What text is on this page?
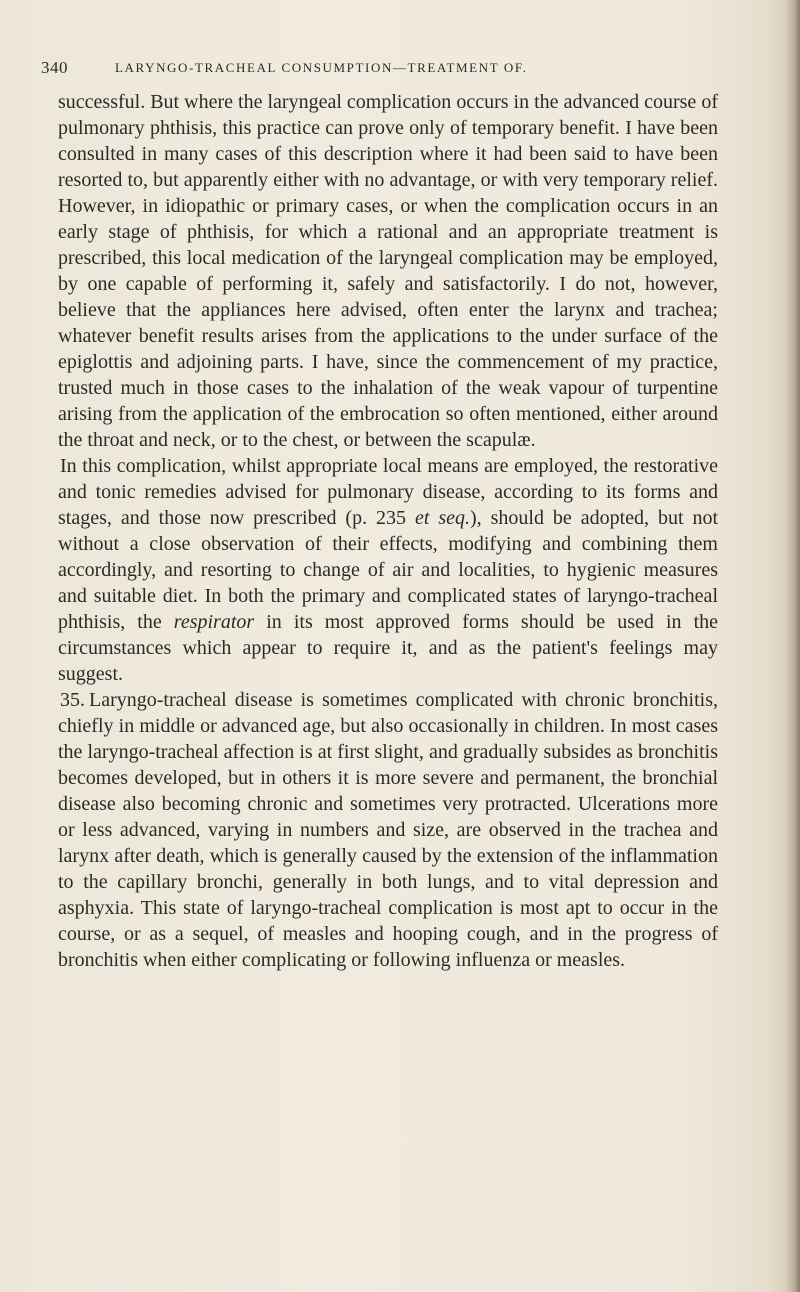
340	LARYNGO-TRACHEAL CONSUMPTION—TREATMENT OF.

successful. But where the laryngeal complication occurs in the advanced course of pulmonary phthisis, this practice can prove only of temporary benefit. I have been consulted in many cases of this description where it had been said to have been resorted to, but apparently either with no advantage, or with very temporary relief. However, in idiopathic or primary cases, or when the complication occurs in an early stage of phthisis, for which a rational and an appropriate treatment is prescribed, this local medication of the laryngeal complication may be employed, by one capable of performing it, safely and satisfactorily. I do not, however, believe that the appliances here advised, often enter the larynx and trachea; whatever benefit results arises from the applications to the under surface of the epiglottis and adjoining parts. I have, since the commencement of my practice, trusted much in those cases to the inhalation of the weak vapour of turpentine arising from the application of the embrocation so often mentioned, either around the throat and neck, or to the chest, or between the scapulæ.

In this complication, whilst appropriate local means are employed, the restorative and tonic remedies advised for pulmonary disease, according to its forms and stages, and those now prescribed (p. 235 et seq.), should be adopted, but not without a close observation of their effects, modifying and combining them accordingly, and resorting to change of air and localities, to hygienic measures and suitable diet. In both the primary and complicated states of laryngo-tracheal phthisis, the respirator in its most approved forms should be used in the circumstances which appear to require it, and as the patient's feelings may suggest.

35. Laryngo-tracheal disease is sometimes complicated with chronic bronchitis, chiefly in middle or advanced age, but also occasionally in children. In most cases the laryngo-tracheal affection is at first slight, and gradually subsides as bronchitis becomes developed, but in others it is more severe and permanent, the bronchial disease also becoming chronic and sometimes very protracted. Ulcerations more or less advanced, varying in numbers and size, are observed in the trachea and larynx after death, which is generally caused by the extension of the inflammation to the capillary bronchi, generally in both lungs, and to vital depression and asphyxia. This state of laryngo-tracheal complication is most apt to occur in the course, or as a sequel, of measles and hooping cough, and in the progress of bronchitis when either complicating or following influenza or measles.
